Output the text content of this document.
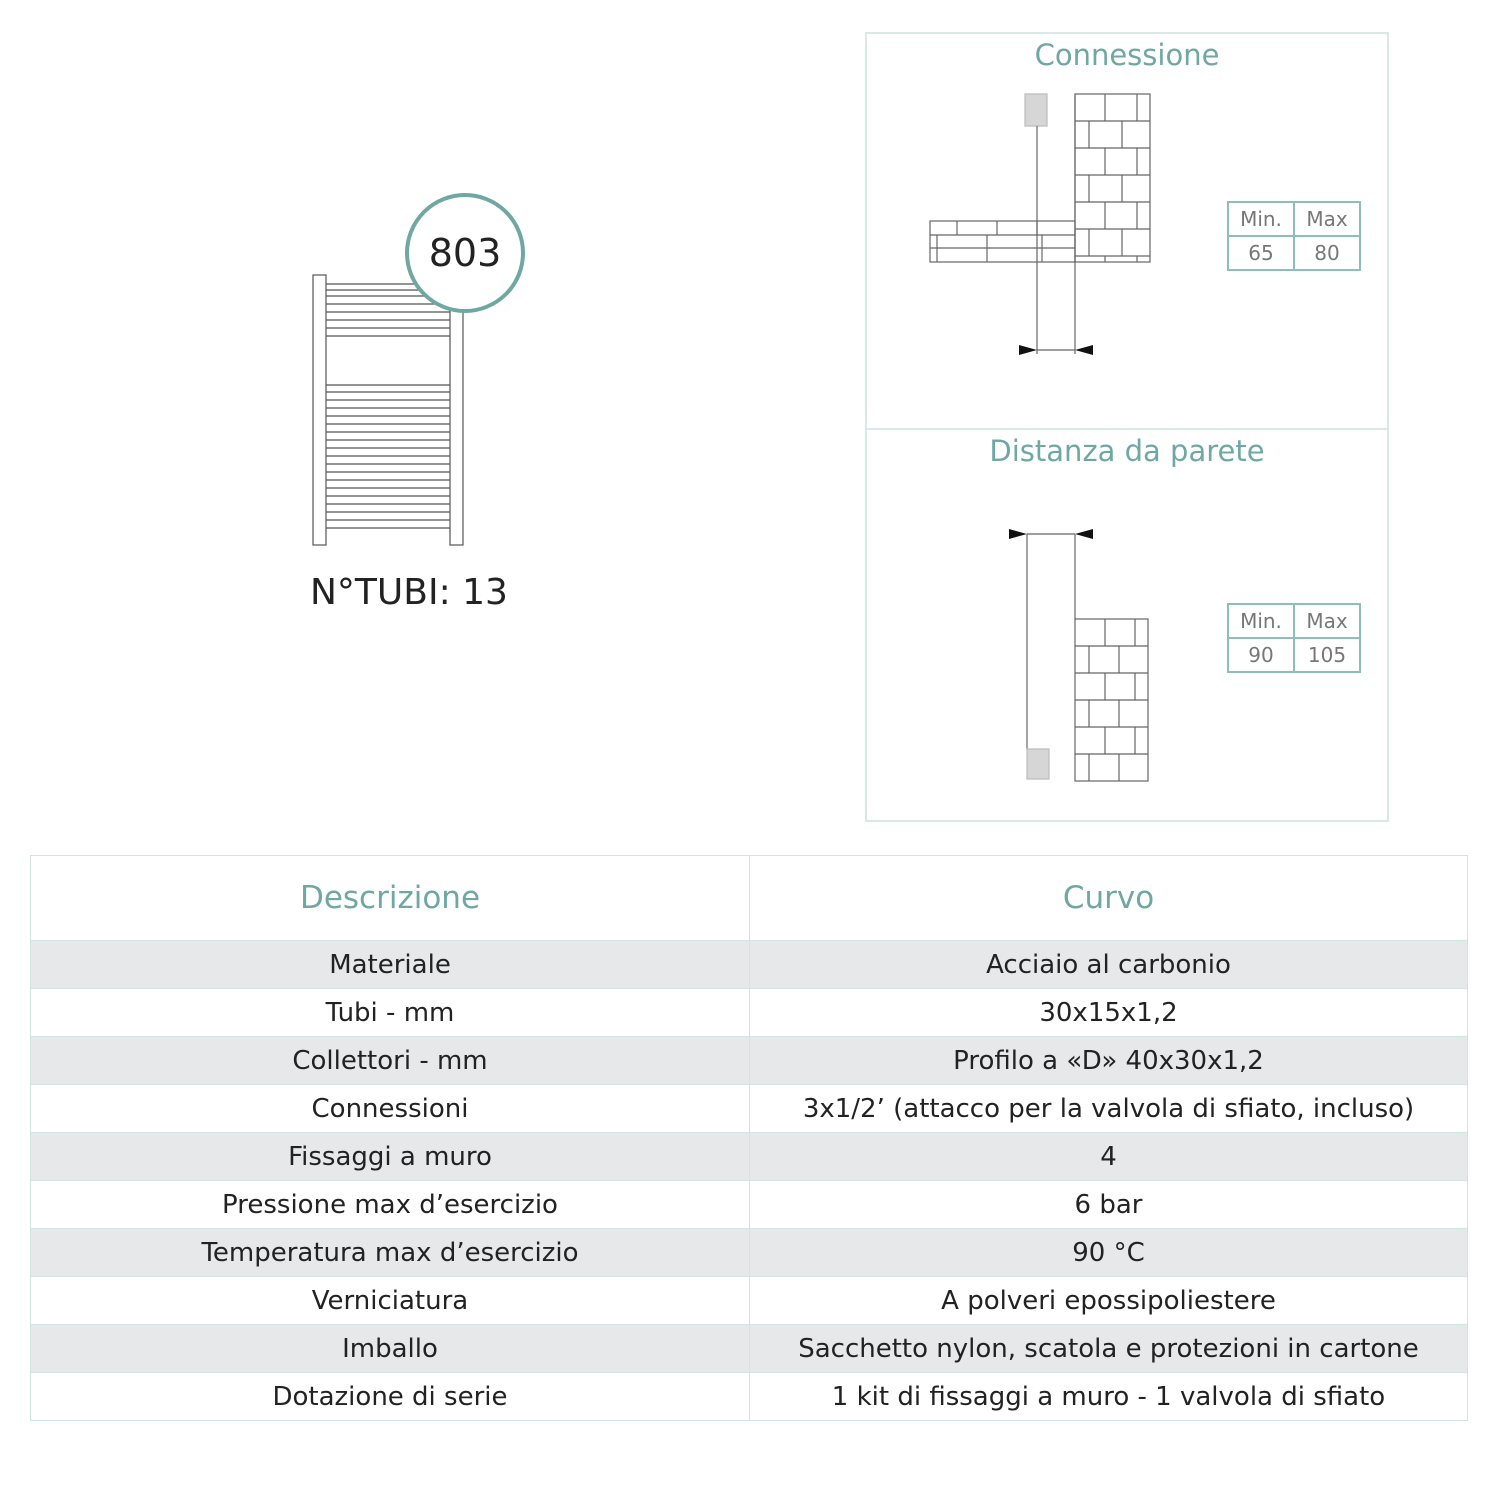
803
N°TUBI: 13
Connessione
Distanza da parete
Min.	Max
65	80
Min.	Max
90	105
Descrizione	Curvo
Materiale	Acciaio al carbonio
Tubi - mm	30x15x1,2
Collettori - mm	Profilo a «D» 40x30x1,2
Connessioni	3x1/2’ (attacco per la valvola di sfiato, incluso)
Fissaggi a muro	4
Pressione max d’esercizio	6 bar
Temperatura max d’esercizio	90 °C
Verniciatura	A polveri epossipoliestere
Imballo	Sacchetto nylon, scatola e protezioni in cartone
Dotazione di serie	1 kit di fissaggi a muro - 1 valvola di sfiato
